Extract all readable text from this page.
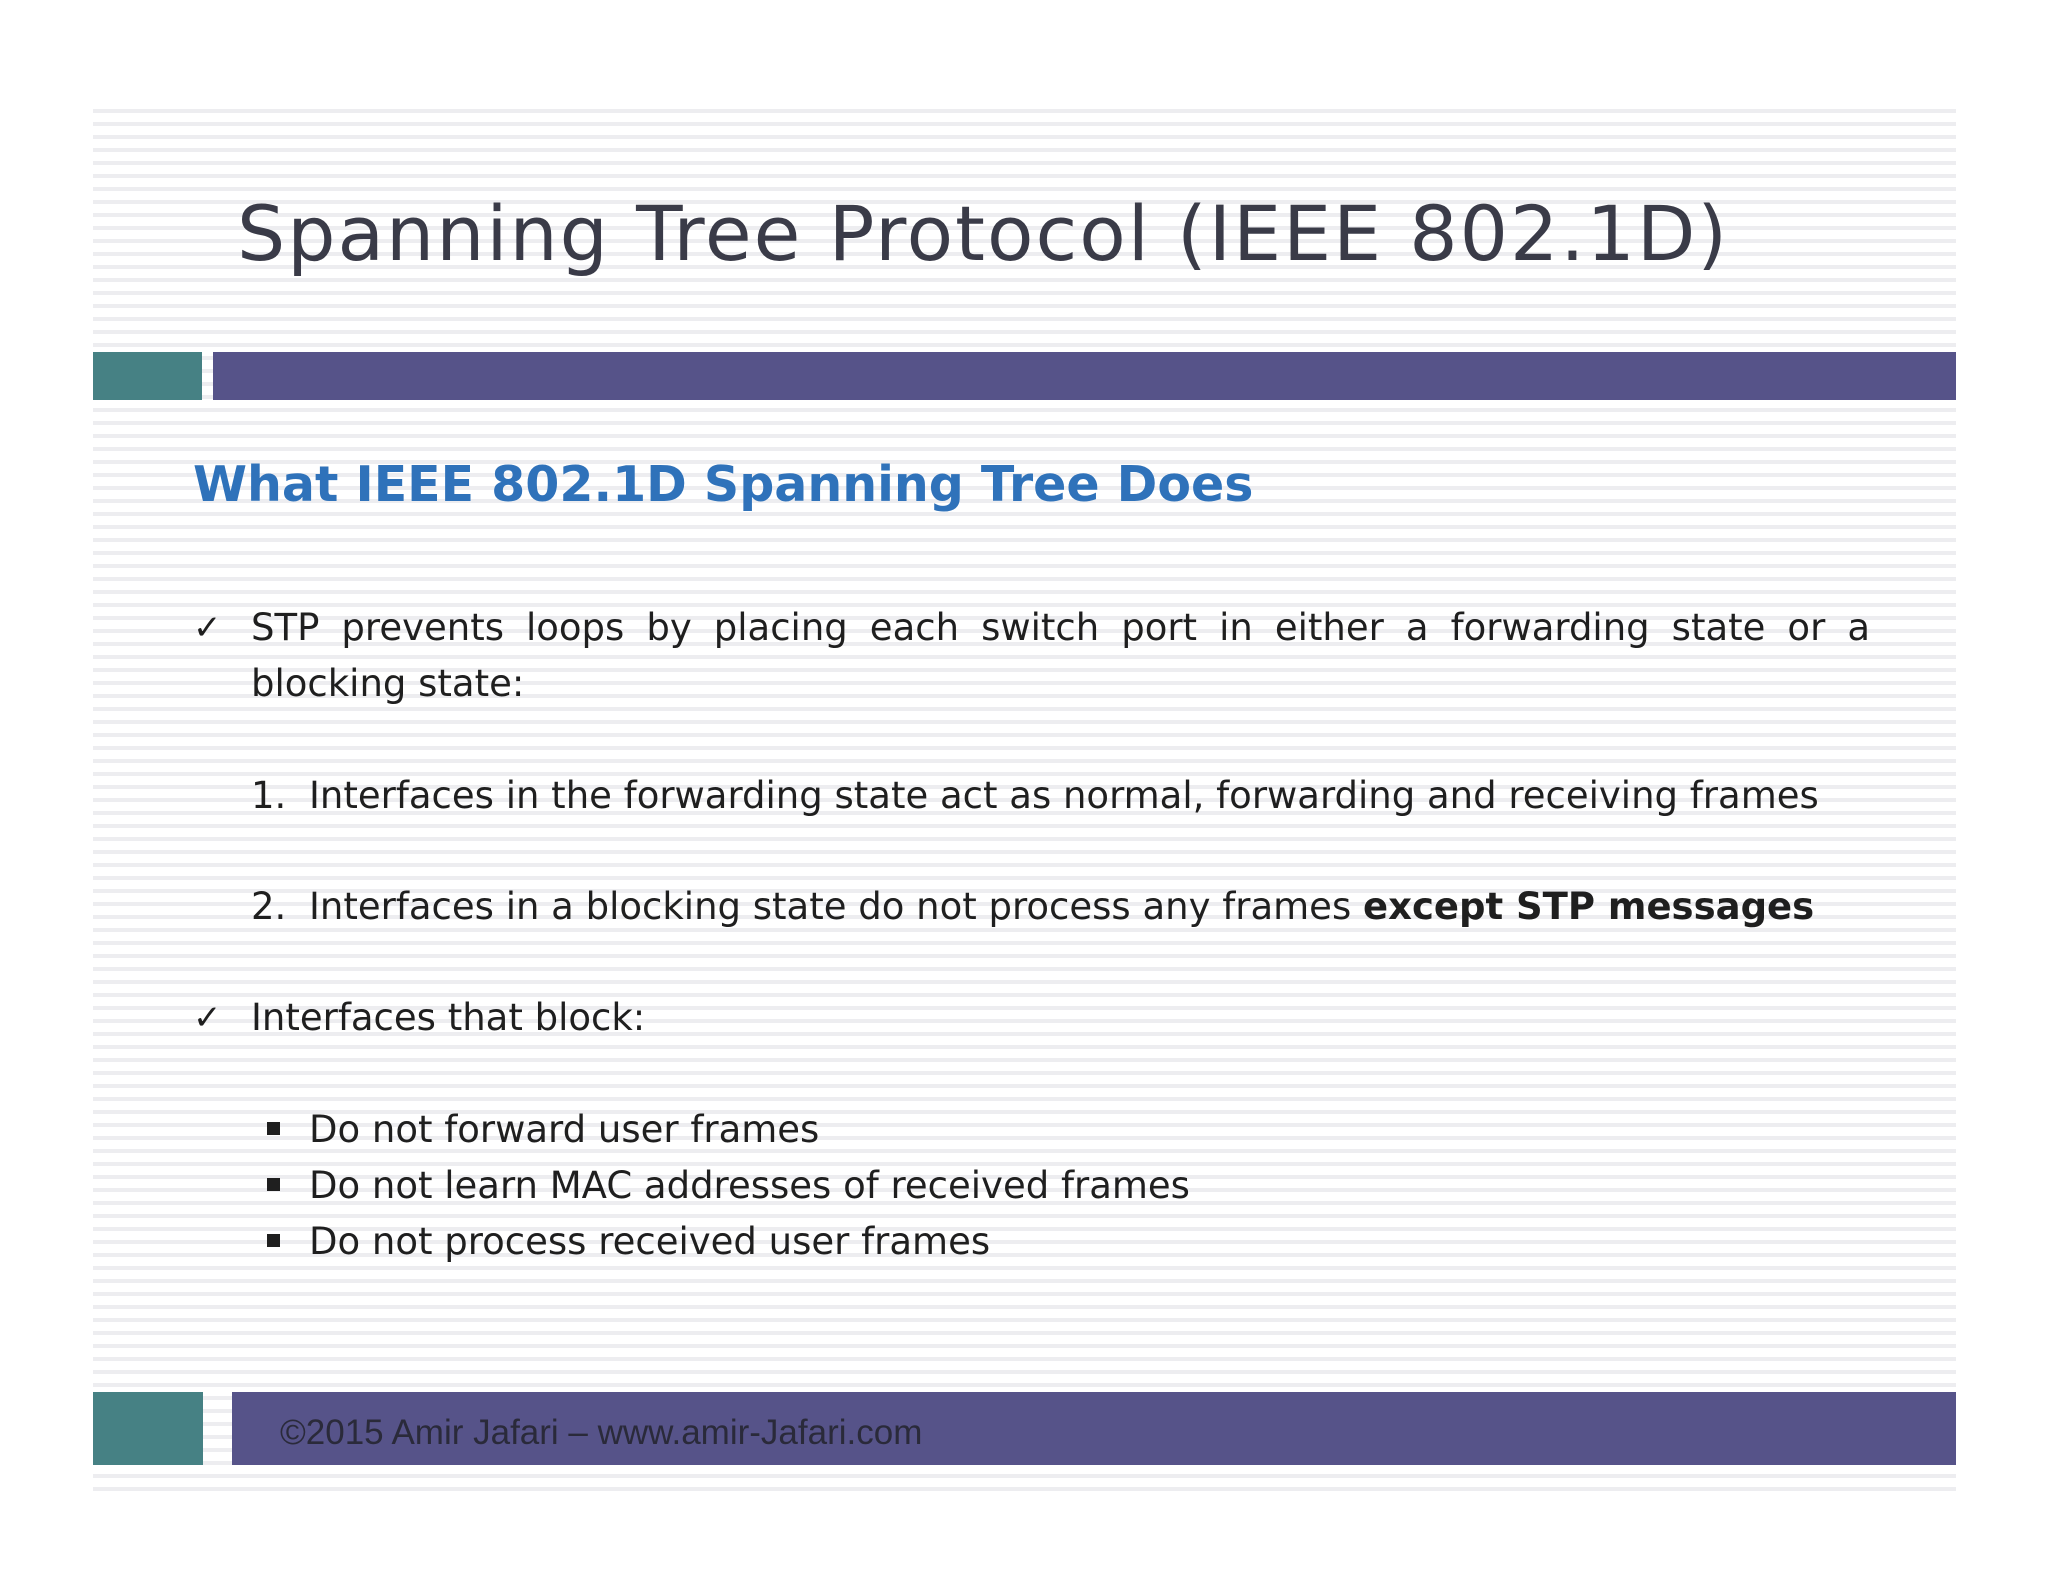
Spanning Tree Protocol (IEEE 802.1D)
What IEEE 802.1D Spanning Tree Does
✓ STP prevents loops by placing each switch port in either a forwarding state or a blocking state:

1. Interfaces in the forwarding state act as normal, forwarding and receiving frames

2. Interfaces in a blocking state do not process any frames except STP messages

✓ Interfaces that block:

Do not forward user frames

Do not learn MAC addresses of received frames

Do not process received user frames

©2015 Amir Jafari – www.amir-Jafari.com
